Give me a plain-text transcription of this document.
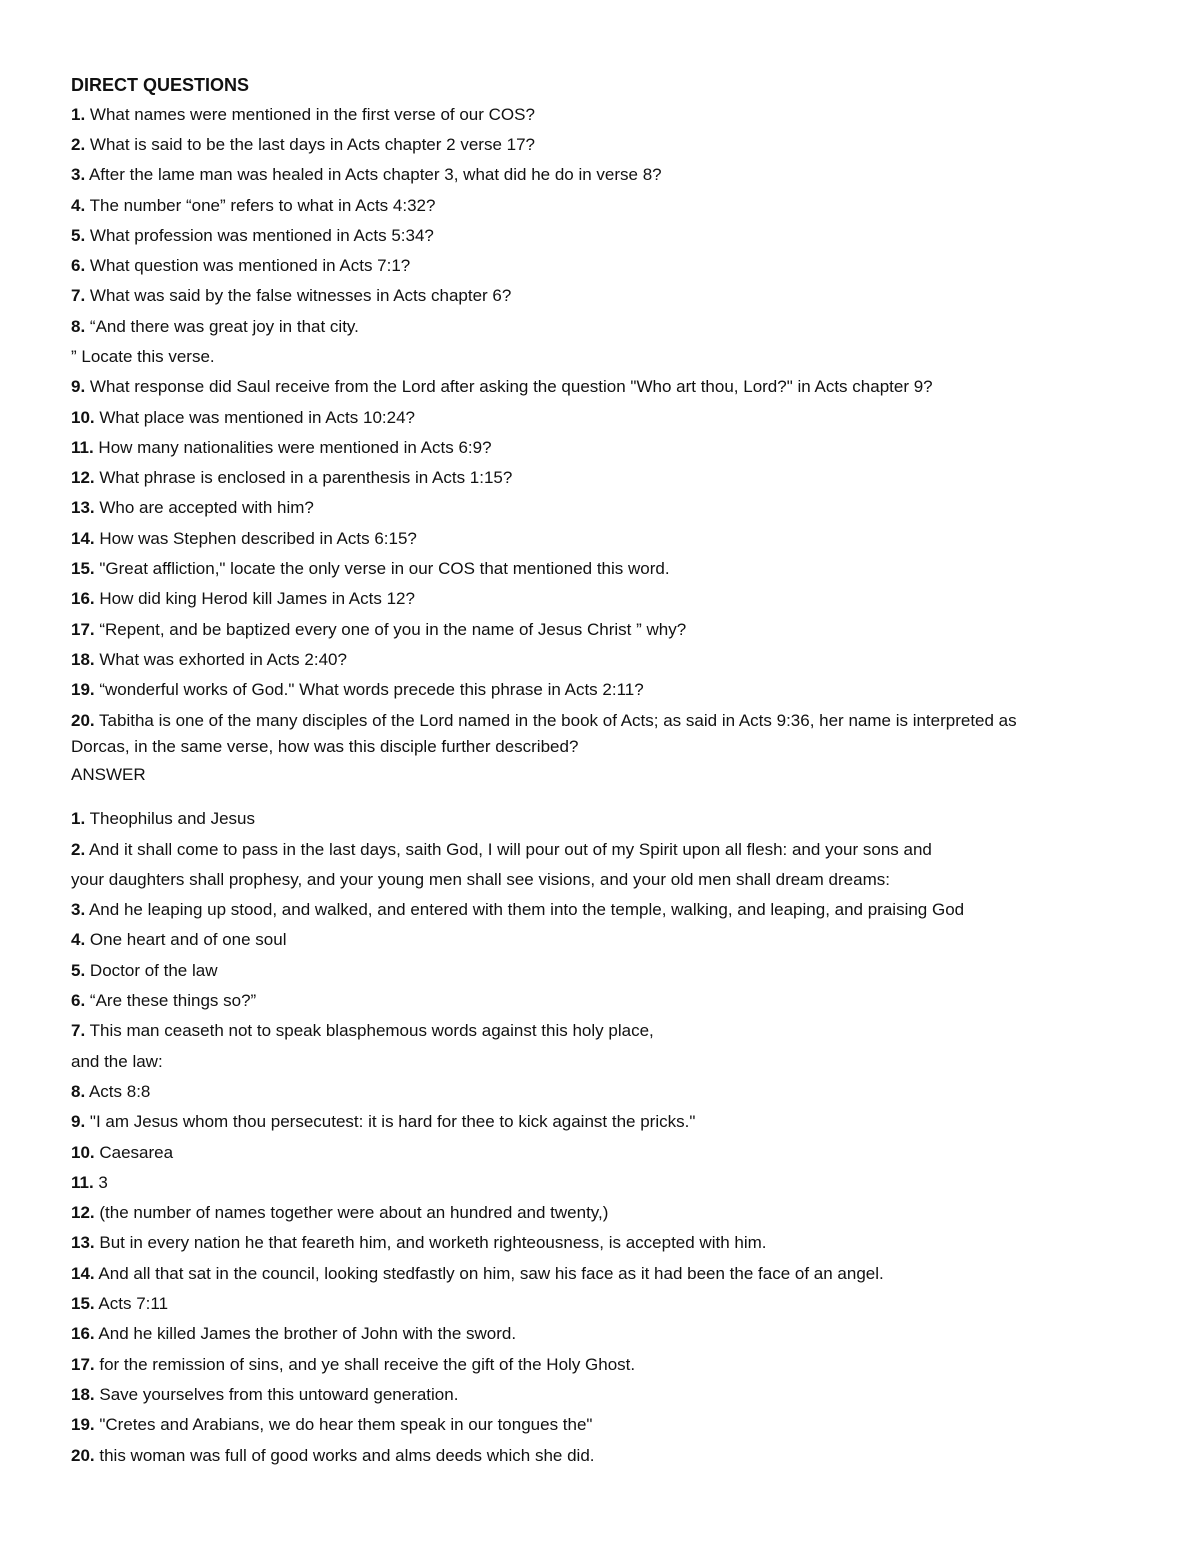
DIRECT QUESTIONS
1. What names were mentioned in the first verse of our COS?
2. What is said to be the last days in Acts chapter 2 verse 17?
3. After the lame man was healed in Acts chapter 3, what did he do in verse 8?
4. The number “one” refers to what in Acts 4:32?
5. What profession was mentioned in Acts 5:34?
6. What question was mentioned in Acts 7:1?
7. What was said by the false witnesses in Acts chapter 6?
8. “And there was great joy in that city.
” Locate this verse.
9. What response did Saul receive from the Lord after asking the question "Who art thou, Lord?" in Acts chapter 9?
10. What place was mentioned in Acts 10:24?
11. How many nationalities were mentioned in Acts 6:9?
12. What phrase is enclosed in a parenthesis in Acts 1:15?
13. Who are accepted with him?
14. How was Stephen described in Acts 6:15?
15. "Great affliction," locate the only verse in our COS that mentioned this word.
16. How did king Herod kill James in Acts 12?
17. “Repent, and be baptized every one of you in the name of Jesus Christ ” why?
18. What was exhorted in Acts 2:40?
19. “wonderful works of God." What words precede this phrase in Acts 2:11?
20. Tabitha is one of the many disciples of the Lord named in the book of Acts; as said in Acts 9:36, her name is interpreted as Dorcas, in the same verse, how was this disciple further described?
ANSWER
1. Theophilus and Jesus
2. And it shall come to pass in the last days, saith God, I will pour out of my Spirit upon all flesh: and your sons and
your daughters shall prophesy, and your young men shall see visions, and your old men shall dream dreams:
3. And he leaping up stood, and walked, and entered with them into the temple, walking, and leaping, and praising God
4. One heart and of one soul
5. Doctor of the law
6. “Are these things so?”
7. This man ceaseth not to speak blasphemous words against this holy place,
and the law:
8. Acts 8:8
9. "I am Jesus whom thou persecutest: it is hard for thee to kick against the pricks."
10. Caesarea
11. 3
12. (the number of names together were about an hundred and twenty,)
13. But in every nation he that feareth him, and worketh righteousness, is accepted with him.
14. And all that sat in the council, looking stedfastly on him, saw his face as it had been the face of an angel.
15. Acts 7:11
16. And he killed James the brother of John with the sword.
17. for the remission of sins, and ye shall receive the gift of the Holy Ghost.
18. Save yourselves from this untoward generation.
19. "Cretes and Arabians, we do hear them speak in our tongues the"
20. this woman was full of good works and alms deeds which she did.
